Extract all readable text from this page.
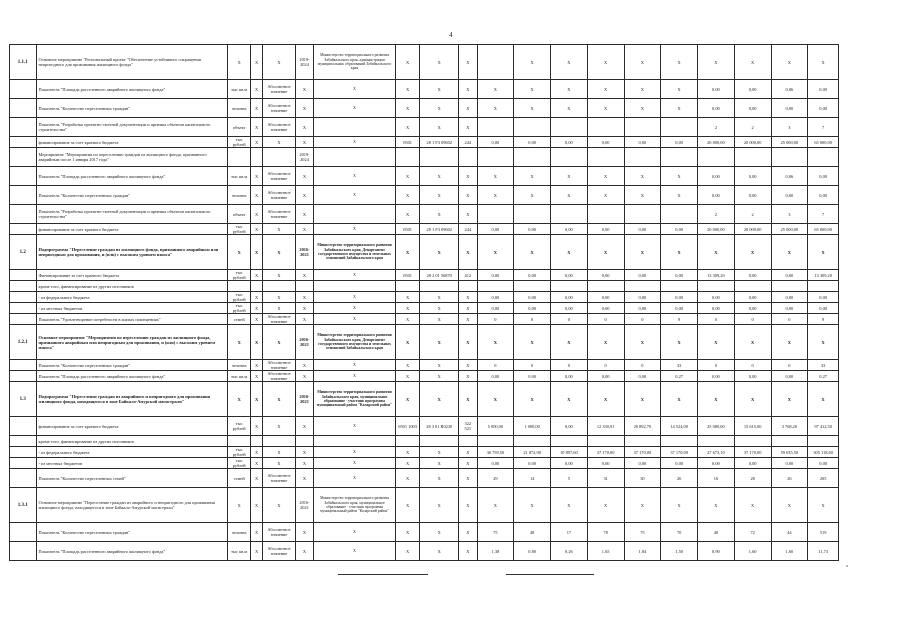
4
1.1.1	Основное мероприятие "Региональный проект "Обеспечение устойчивого сокращения непригодного для проживания жилищного фонда"	X	X	X	2019-2024	Министерство территориального развития Забайкальского края, администрации муниципальных образований Забайкальского края	X	X	X		X	X	X	X	X	X	X	X	X
	Показатель "Площадь расселенного аварийного жилищного фонда"	тыс кв.м	X	Абсолютное значение	X	X	X	X	X	X	X	X	X	X	X	0,00	0,00	0,06	0,00
	Показатель "Количество переселенных граждан"	человек	X	Абсолютное значение	X	X	X	X	X	X	X	X	X	X	X	0,00	0,00	0,00	0,00
	Показатель "Разработка проектно-сметной документации и приемка объектов капитального строительства"	объект	X	Абсолютное значение	X		X	X	X							2	2	3	7
	финансирование за счет краевого бюджета	тыс рублей	X	X	X	X	0501	28 1 F3 09602	244	0,00	0,00	0,00	0,00	0,00	0,00	20 000,00	20 000,00	25 000,00	65 000,00
	Мероприятие "Мероприятия по переселению граждан из жилищного фонда, признанного аварийным после 1 января 2017 года"				2019-2024														
	Показатель "Площадь расселенного аварийного жилищного фонда"	тыс кв.м	X	Абсолютное значение	X	X	X	X	X	X	X	X	X	X	X	0,00	0,00	0,06	0,00
	Показатель "Количество переселенных граждан"	человек	X	Абсолютное значение	X	X	X	X	X	X	X	X	X	X	X	0,00	0,00	0,00	0,00
	Показатель "Разработка проектно-сметной документации и приемка объектов капитального строительства"	объект	X	Абсолютное значение	X		X	X	X							2	2	3	7
	финансирование за счет краевого бюджета	тыс рублей	X	X	X	X	0501	28 1 F3 09602	244	0,00	0,00	0,00	0,00	0,00	0,00	20 000,00	20 000,00	25 000,00	65 000,00
1.2	Подпрограмма "Переселение граждан из жилищного фонда, признанного аварийным или непригодным для проживания, и (или) с высоким уровнем износа"	X	X	X	2016-2021	Министерство территориального развития Забайкальского края, Департамент государственного имущества и земельных отношений Забайкальского края	X	X	X	X	X	X	X	X	X	X	X	X	X
	Финансирование за счет краевого бюджета	тыс рублей	X	X	X	X	0501	28 2 01 56870	412	0,00	0,00	0,00	0,00	0,00	0,00	13 309,20	0,00	0,00	13 309,20
	кроме того, финансирование из других источников																		
	- из федерального бюджета	тыс рублей	X	X	X	X	X	X	X	0,00	0,00	0,00	0,00	0,00	0,00	0,00	0,00	0,00	0,00
	- из местных бюджетов	тыс рублей	X	X	X	X	X	X	X	0,00	0,00	0,00	0,00	0,00	0,00	0,00	0,00	0,00	0,00
	Показатель "Удовлетворение потребности в жилых помещениях"	семей	X	Абсолютное значение	X	X	X	X	X	0	0	0	0	0	9	0	0	0	9
1.2.1	Основное мероприятие "Мероприятия по переселению граждан из жилищного фонда, признанного аварийным или непригодным для проживания, и (или) с высоким уровнем износа"	X	X	X	2016-2021	Министерство территориального развития Забайкальского края, Департамент государственного имущества и земельных отношений Забайкальского края	X	X	X	X	X	X	X	X	X	X	X	X	X
	Показатель "Количество переселенных граждан"	человек	X	Абсолютное значение	X	X	X	X	X	0	0	0	0	0	33	0	0	0	33
	Показатель "Площадь расселенного аварийного жилищного фонда"	тыс кв.м	X	Абсолютное значение	X	X	X	X	X	0,00	0,00	0,00	0,00	0,00	0,27	0,00	0,00	0,00	0,27
1.3	Подпрограмма "Переселение граждан из аварийного и непригодного для проживания жилищного фонда, находящегося в зоне Байкало-Амурской магистрали"	X	X	X	2016-2021	Министерство территориального развития Забайкальского края, муниципальное образование - участник программы муниципальный район "Каларский район"	X	X	X	X	X	X	X	X	X	X	X	X	X
	финансирование за счет краевого бюджета	тыс рублей	X	X	X	X	0501 1003	28 3 01 R0230	322 521	5 000,00	1 000,00	0,00	12 330,91	20 892,70	14 524,00	25 080,00	15 615,00	3 768,20	97 412,50
	кроме того, финансирование из других источников																		
	- из федерального бюджета	тыс рублей	X	X	X	X	X	X	X	36 759,50	21 872,90	10 897,60	37 170,00	37 170,00	37 170,00	27 673,10	37 170,00	59 035,50	305 118,60
	- из местных бюджетов	тыс рублей	X	X	X	X	X	X	X	0,00	0,00	0,00	0,00	0,00	0,00	0,00	0,00	0,00	0,00
	Показатель "Количество переселенных семей"	семей	X	Абсолютное значение	X	X	X	X	X	29	14	5	31	30	26	16	28	26	205
1.3.1	Основное мероприятие "Переселение граждан из аварийного и непригодного для проживания жилищного фонда, находящегося в зоне Байкало-Амурской магистрали"	X	X	X	2016-2021	Министерство территориального развития Забайкальского края, муниципальное образование - участник программы муниципальный район "Каларский район"	X	X	X	X	X	X	X	X	X	X	X	X	X
	Показатель "Количество переселенных граждан"	человек	X	Абсолютное значение	X	X	X	X	X	75	48	17	78	75	70	40	72	44	519
	Показатель "Площадь расселенного аварийного жилищного фонда"	тыс кв.м	X	Абсолютное значение	X	X	X	X	X	1,38	0,80	0,26	1,65	1,84	1,50	0,90	1,60	1,60	11,73
▫
